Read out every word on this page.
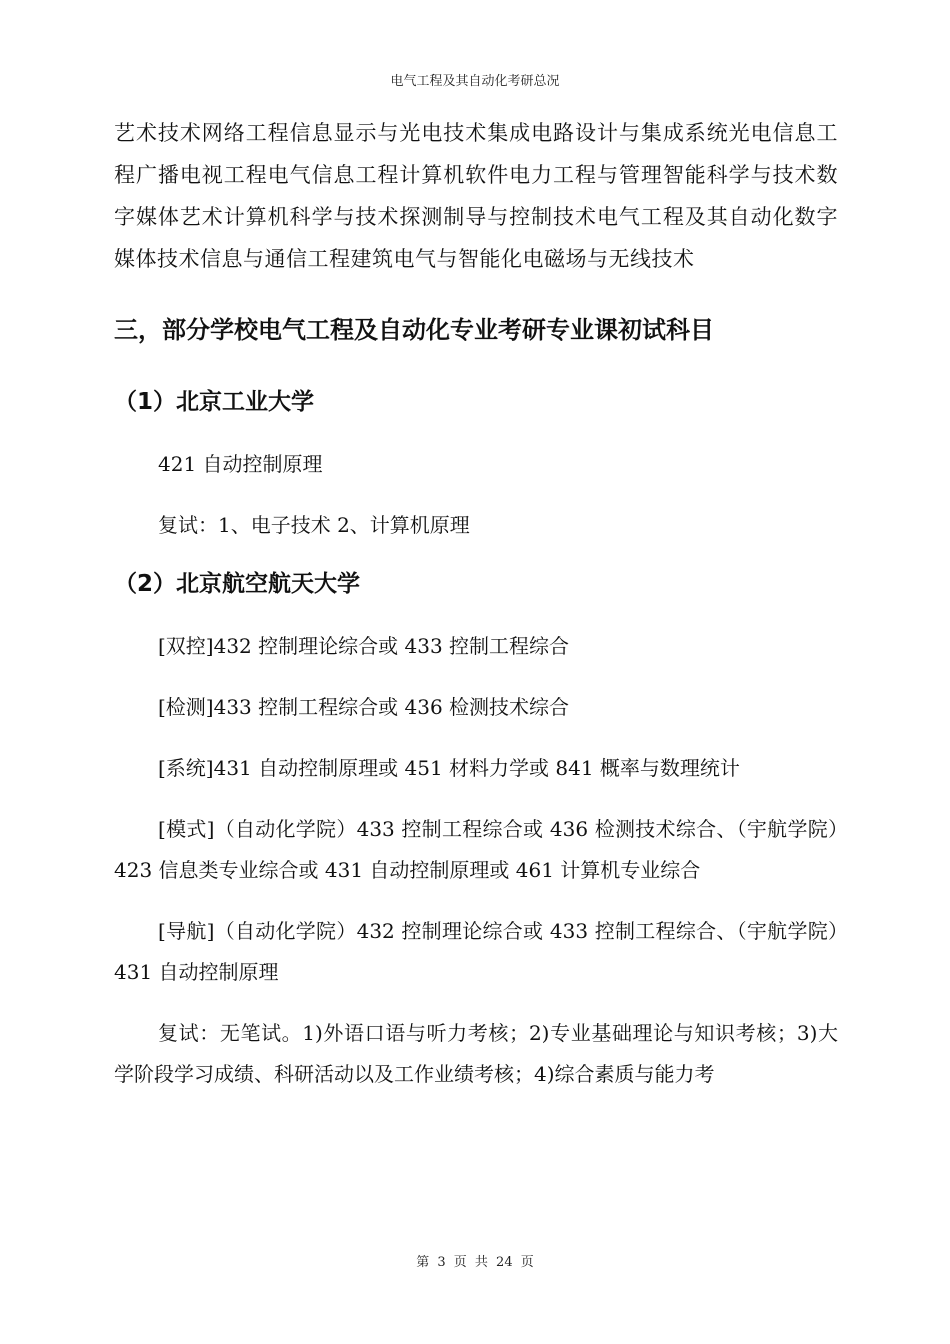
电气工程及其自动化考研总况

艺术技术网络工程信息显示与光电技术集成电路设计与集成系统光电信息工程广播电视工程电气信息工程计算机软件电力工程与管理智能科学与技术数字媒体艺术计算机科学与技术探测制导与控制技术电气工程及其自动化数字媒体技术信息与通信工程建筑电气与智能化电磁场与无线技术

三，部分学校电气工程及自动化专业考研专业课初试科目
（1）北京工业大学

421 自动控制原理

复试：1、电子技术 2、计算机原理

（2）北京航空航天大学

[双控]432 控制理论综合或 433 控制工程综合

[检测]433 控制工程综合或 436 检测技术综合

[系统]431 自动控制原理或 451 材料力学或 841 概率与数理统计

[模式]（自动化学院）433 控制工程综合或 436 检测技术综合、（宇航学院）423 信息类专业综合或 431 自动控制原理或 461 计算机专业综合

[导航]（自动化学院）432 控制理论综合或 433 控制工程综合、（宇航学院）431 自动控制原理

复试：无笔试。1)外语口语与听力考核；2)专业基础理论与知识考核；3)大学阶段学习成绩、科研活动以及工作业绩考核；4)综合素质与能力考

第 3 页 共 24 页
